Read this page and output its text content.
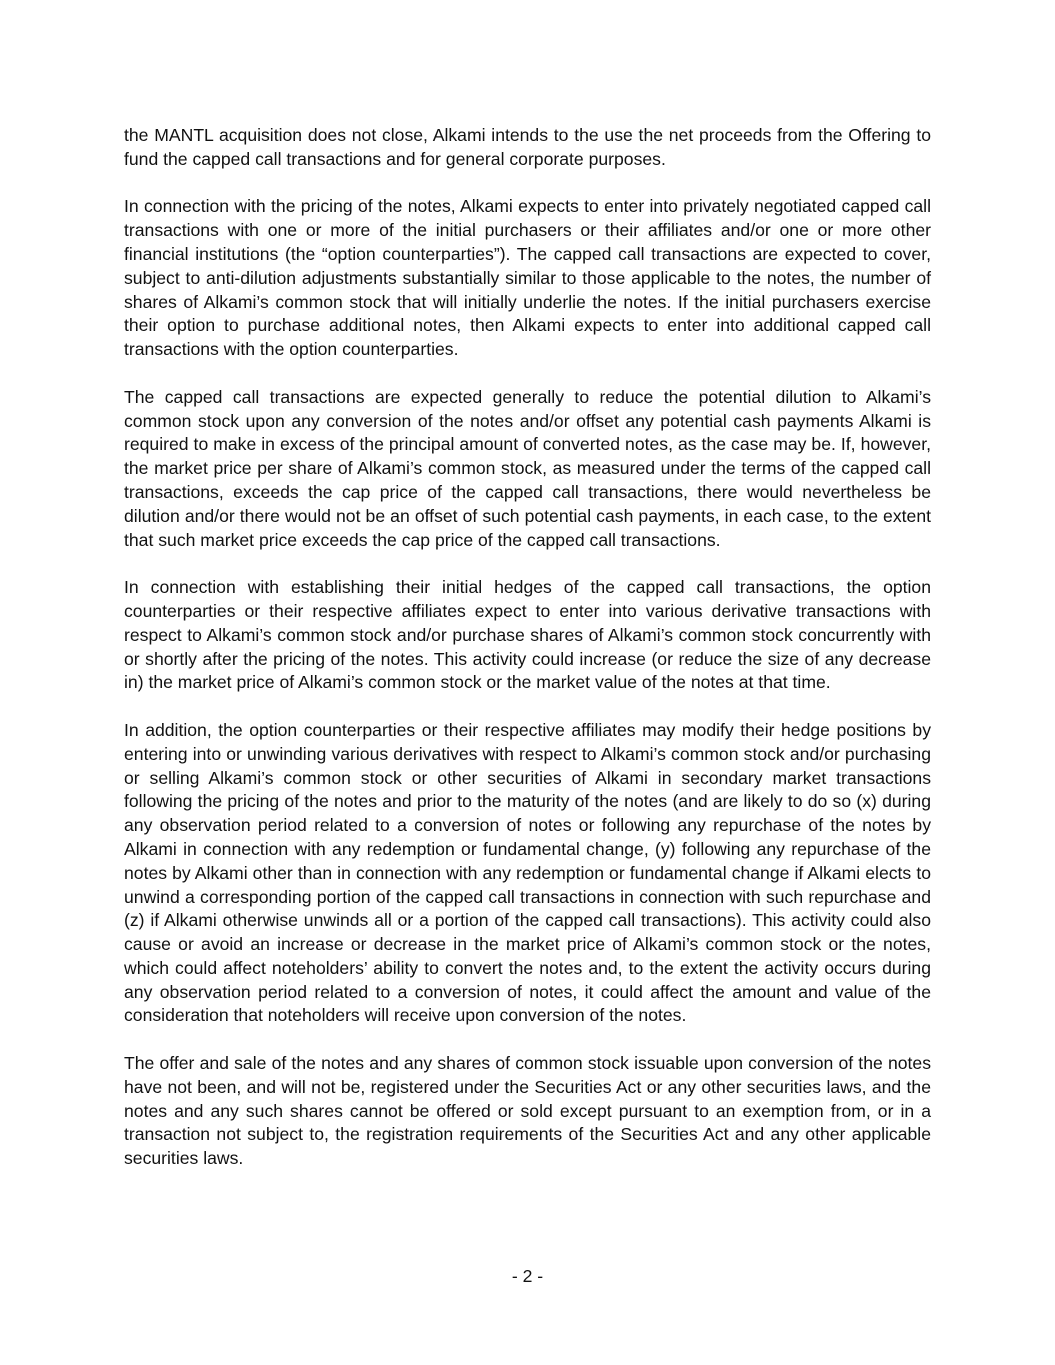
the MANTL acquisition does not close, Alkami intends to the use the net proceeds from the Offering to fund the capped call transactions and for general corporate purposes.

In connection with the pricing of the notes, Alkami expects to enter into privately negotiated capped call transactions with one or more of the initial purchasers or their affiliates and/or one or more other financial institutions (the “option counterparties”). The capped call transactions are expected to cover, subject to anti-dilution adjustments substantially similar to those applicable to the notes, the number of shares of Alkami’s common stock that will initially underlie the notes. If the initial purchasers exercise their option to purchase additional notes, then Alkami expects to enter into additional capped call transactions with the option counterparties.

The capped call transactions are expected generally to reduce the potential dilution to Alkami’s common stock upon any conversion of the notes and/or offset any potential cash payments Alkami is required to make in excess of the principal amount of converted notes, as the case may be. If, however, the market price per share of Alkami’s common stock, as measured under the terms of the capped call transactions, exceeds the cap price of the capped call transactions, there would nevertheless be dilution and/or there would not be an offset of such potential cash payments, in each case, to the extent that such market price exceeds the cap price of the capped call transactions.

In connection with establishing their initial hedges of the capped call transactions, the option counterparties or their respective affiliates expect to enter into various derivative transactions with respect to Alkami’s common stock and/or purchase shares of Alkami’s common stock concurrently with or shortly after the pricing of the notes. This activity could increase (or reduce the size of any decrease in) the market price of Alkami’s common stock or the market value of the notes at that time.

In addition, the option counterparties or their respective affiliates may modify their hedge positions by entering into or unwinding various derivatives with respect to Alkami’s common stock and/or purchasing or selling Alkami’s common stock or other securities of Alkami in secondary market transactions following the pricing of the notes and prior to the maturity of the notes (and are likely to do so (x) during any observation period related to a conversion of notes or following any repurchase of the notes by Alkami in connection with any redemption or fundamental change, (y) following any repurchase of the notes by Alkami other than in connection with any redemption or fundamental change if Alkami elects to unwind a corresponding portion of the capped call transactions in connection with such repurchase and (z) if Alkami otherwise unwinds all or a portion of the capped call transactions). This activity could also cause or avoid an increase or decrease in the market price of Alkami’s common stock or the notes, which could affect noteholders’ ability to convert the notes and, to the extent the activity occurs during any observation period related to a conversion of notes, it could affect the amount and value of the consideration that noteholders will receive upon conversion of the notes.

The offer and sale of the notes and any shares of common stock issuable upon conversion of the notes have not been, and will not be, registered under the Securities Act or any other securities laws, and the notes and any such shares cannot be offered or sold except pursuant to an exemption from, or in a transaction not subject to, the registration requirements of the Securities Act and any other applicable securities laws.

- 2 -
